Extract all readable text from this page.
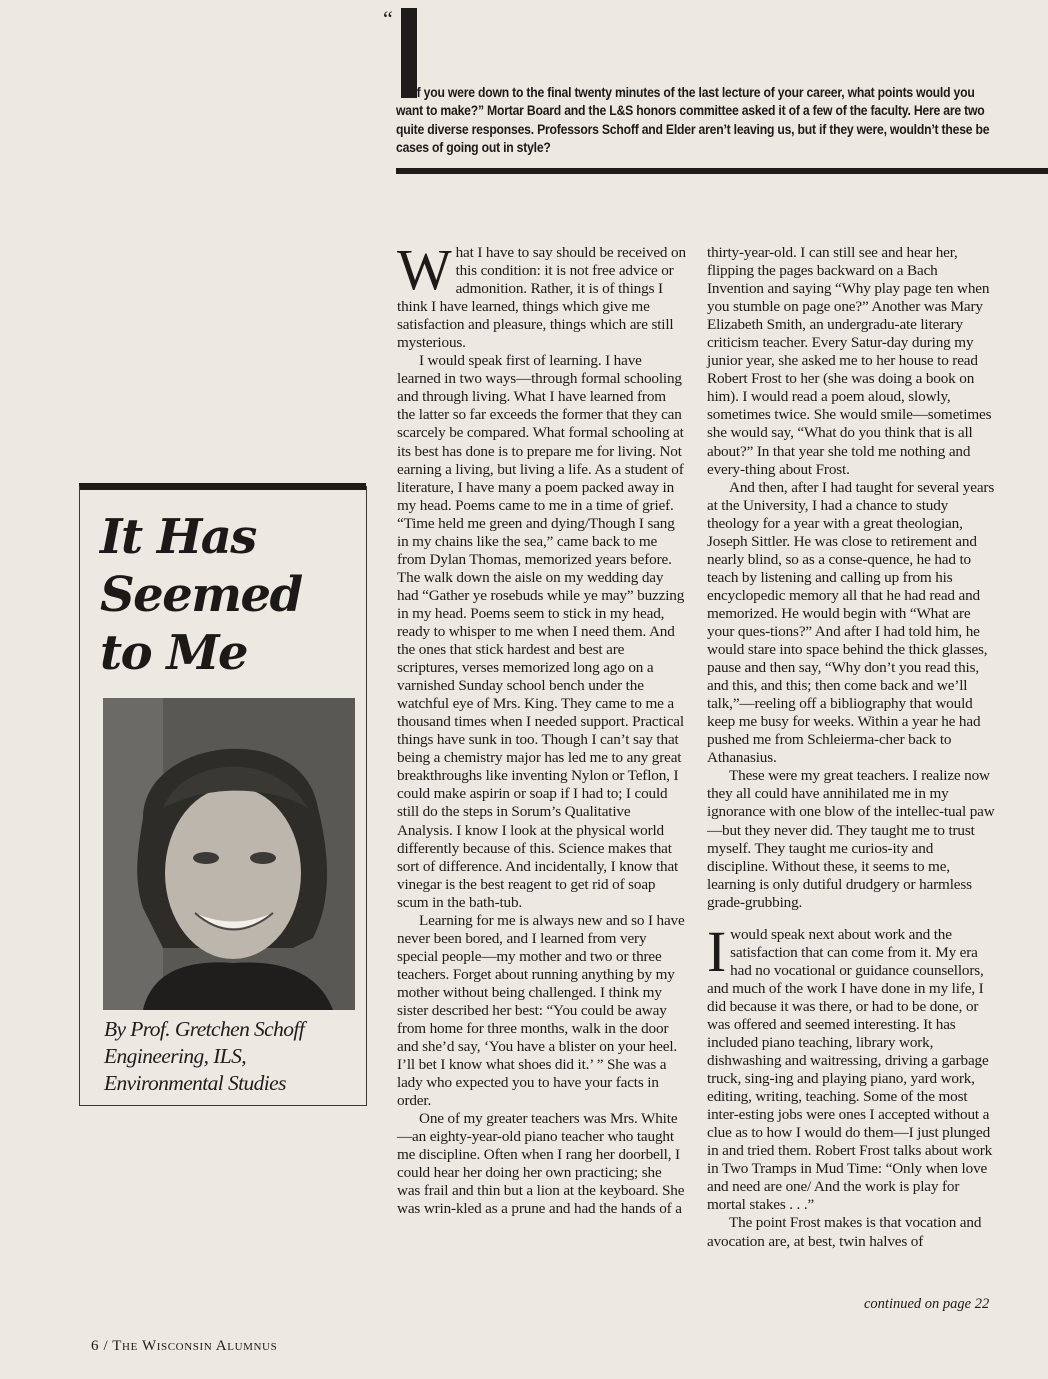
“
f you were down to the final twenty minutes of the last lecture of your career, what points would you want to make?” Mortar Board and the L&S honors committee asked it of a few of the faculty. Here are two quite diverse responses. Professors Schoff and Elder aren’t leaving us, but if they were, wouldn’t these be cases of going out in style?
It Has
Seemed
to Me
By Prof. Gretchen Schoff
Engineering, ILS,
Environmental Studies

What I have to say should be received on this condition: it is not free advice or admonition. Rather, it is of things I think I have learned, things which give me satisfaction and pleasure, things which are still mysterious.

I would speak first of learning. I have learned in two ways—through formal schooling and through living. What I have learned from the latter so far exceeds the former that they can scarcely be compared. What formal schooling at its best has done is to prepare me for living. Not earning a living, but living a life. As a student of literature, I have many a poem packed away in my head. Poems came to me in a time of grief. “Time held me green and dying/Though I sang in my chains like the sea,” came back to me from Dylan Thomas, memorized years before. The walk down the aisle on my wedding day had “Gather ye rosebuds while ye may” buzzing in my head. Poems seem to stick in my head, ready to whisper to me when I need them. And the ones that stick hardest and best are scriptures, verses memorized long ago on a varnished Sunday school bench under the watchful eye of Mrs. King. They came to me a thousand times when I needed support. Practical things have sunk in too. Though I can’t say that being a chemistry major has led me to any great breakthroughs like inventing Nylon or Teflon, I could make aspirin or soap if I had to; I could still do the steps in Sorum’s Qualitative Analysis. I know I look at the physical world differently because of this. Science makes that sort of difference. And incidentally, I know that vinegar is the best reagent to get rid of soap scum in the bath-tub.

Learning for me is always new and so I have never been bored, and I learned from very special people—my mother and two or three teachers. Forget about running anything by my mother without being challenged. I think my sister described her best: “You could be away from home for three months, walk in the door and she’d say, ‘You have a blister on your heel. I’ll bet I know what shoes did it.’ ” She was a lady who expected you to have your facts in order.

One of my greater teachers was Mrs. White—an eighty-year-old piano teacher who taught me discipline. Often when I rang her doorbell, I could hear her doing her own practicing; she was frail and thin but a lion at the keyboard. She was wrin-kled as a prune and had the hands of a

thirty-year-old. I can still see and hear her, flipping the pages backward on a Bach Invention and saying “Why play page ten when you stumble on page one?” Another was Mary Elizabeth Smith, an undergradu-ate literary criticism teacher. Every Satur-day during my junior year, she asked me to her house to read Robert Frost to her (she was doing a book on him). I would read a poem aloud, slowly, sometimes twice. She would smile—sometimes she would say, “What do you think that is all about?” In that year she told me nothing and every-thing about Frost.

And then, after I had taught for several years at the University, I had a chance to study theology for a year with a great theologian, Joseph Sittler. He was close to retirement and nearly blind, so as a conse-quence, he had to teach by listening and calling up from his encyclopedic memory all that he had read and memorized. He would begin with “What are your ques-tions?” And after I had told him, he would stare into space behind the thick glasses, pause and then say, “Why don’t you read this, and this, and this; then come back and we’ll talk,”—reeling off a bibliography that would keep me busy for weeks. Within a year he had pushed me from Schleierma-cher back to Athanasius.

These were my great teachers. I realize now they all could have annihilated me in my ignorance with one blow of the intellec-tual paw—but they never did. They taught me to trust myself. They taught me curios-ity and discipline. Without these, it seems to me, learning is only dutiful drudgery or harmless grade-grubbing.

Iwould speak next about work and the satisfaction that can come from it. My era had no vocational or guidance counsellors, and much of the work I have done in my life, I did because it was there, or had to be done, or was offered and seemed interesting. It has included piano teaching, library work, dishwashing and waitressing, driving a garbage truck, sing-ing and playing piano, yard work, editing, writing, teaching. Some of the most inter-esting jobs were ones I accepted without a clue as to how I would do them—I just plunged in and tried them. Robert Frost talks about work in Two Tramps in Mud Time: “Only when love and need are one/ And the work is play for mortal stakes . . .”

The point Frost makes is that vocation and avocation are, at best, twin halves of

continued on page 22
6 / The Wisconsin Alumnus
